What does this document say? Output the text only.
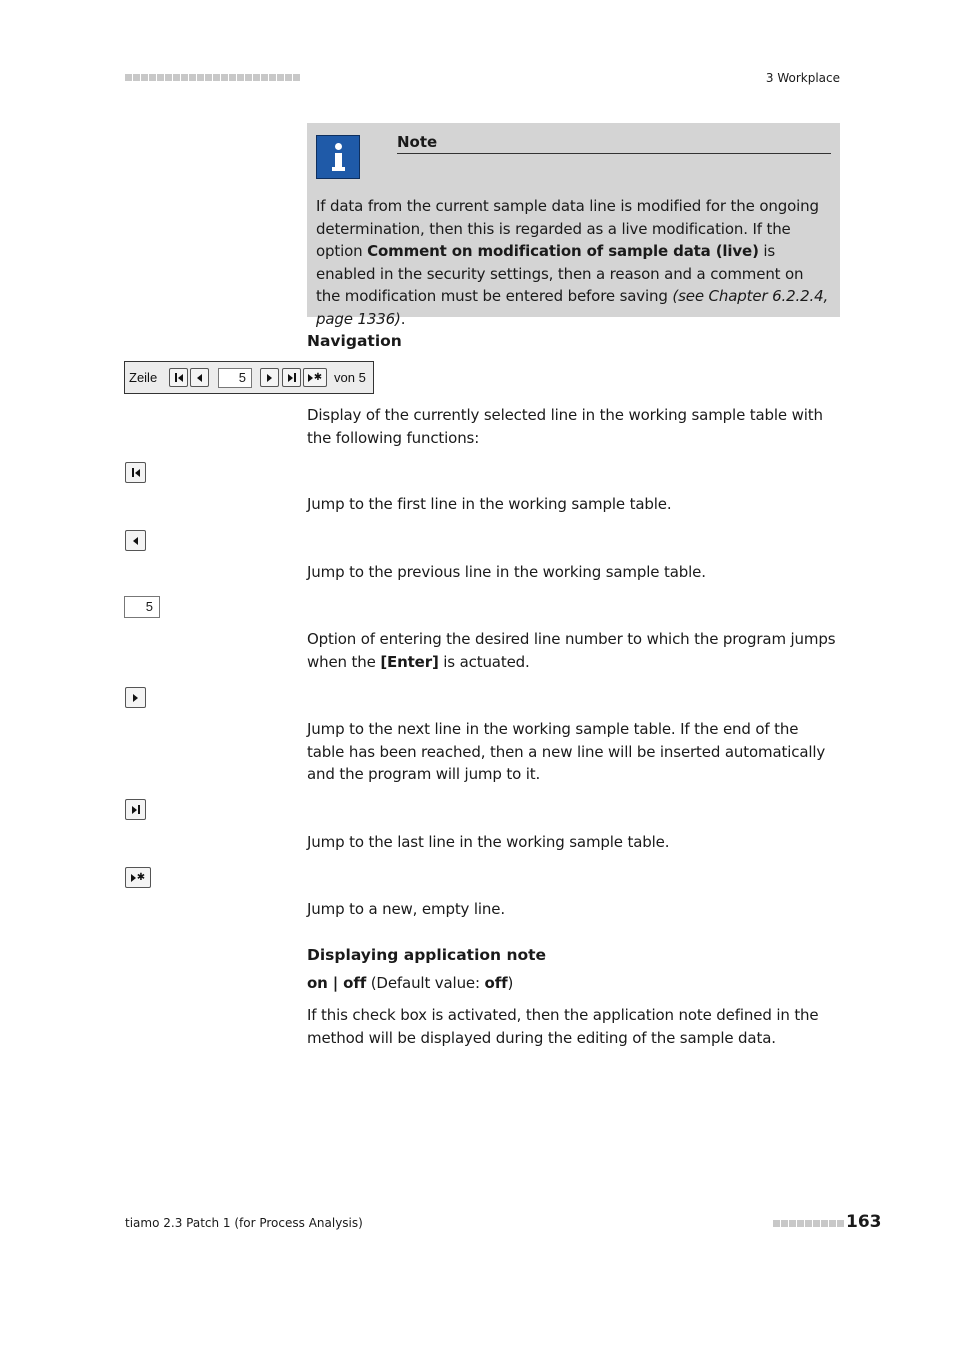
3 Workplace
Note
If data from the current sample data line is modified for the ongoing determination, then this is regarded as a live modification. If the option Comment on modification of sample data (live) is enabled in the security settings, then a reason and a comment on the modification must be entered before saving (see Chapter 6.2.2.4, page 1336).
Navigation
Zeile	5	✱ von 5
Display of the currently selected line in the working sample table with the following functions:
Jump to the first line in the working sample table.
Jump to the previous line in the working sample table.
5
Option of entering the desired line number to which the program jumps when the [Enter] is actuated.
Jump to the next line in the working sample table. If the end of the table has been reached, then a new line will be inserted automatically and the program will jump to it.
Jump to the last line in the working sample table.
✱
Jump to a new, empty line.
Displaying application note
on | off (Default value: off)
If this check box is activated, then the application note defined in the method will be displayed during the editing of the sample data.
tiamo 2.3 Patch 1 (for Process Analysis)	163
